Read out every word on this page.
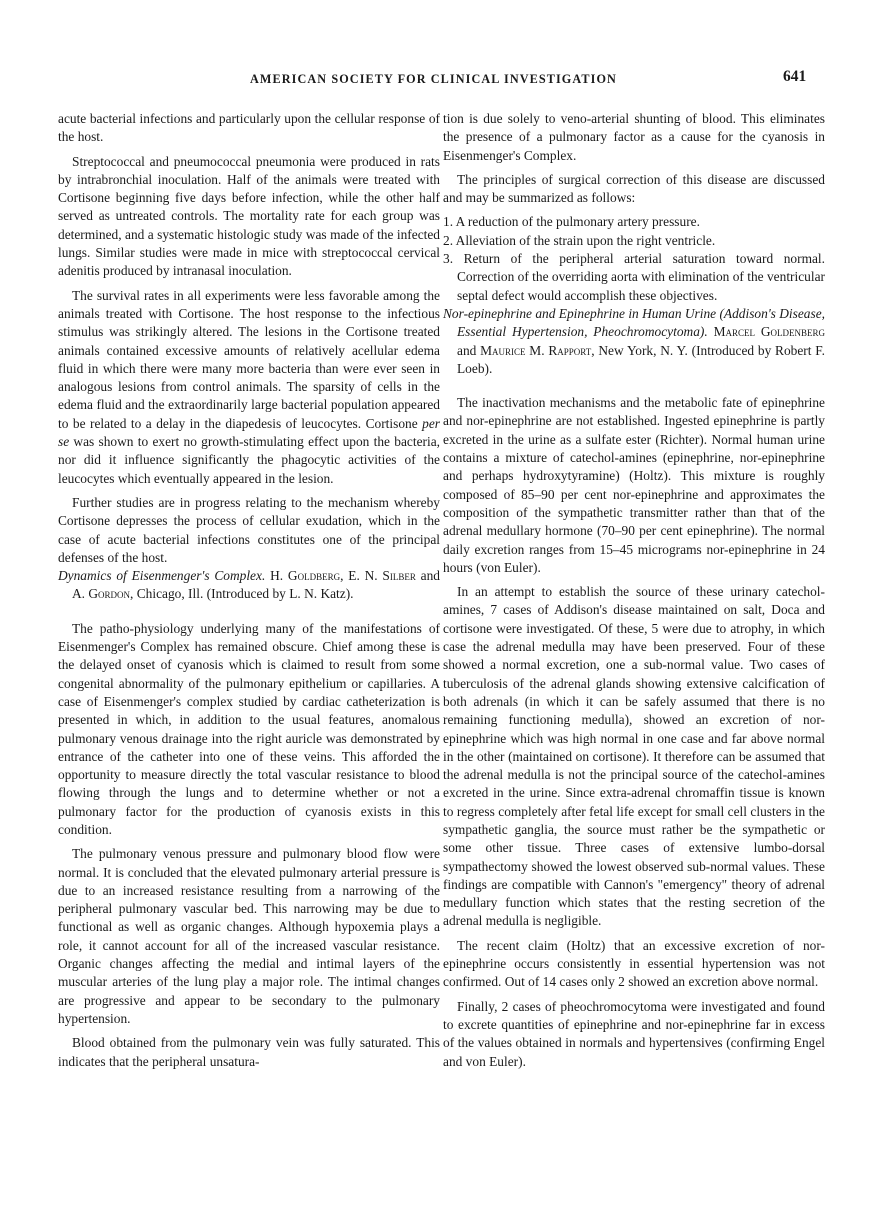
AMERICAN SOCIETY FOR CLINICAL INVESTIGATION	641

acute bacterial infections and particularly upon the cellular response of the host.

Streptococcal and pneumococcal pneumonia were produced in rats by intrabronchial inoculation. Half of the animals were treated with Cortisone beginning five days before infection, while the other half served as untreated controls. The mortality rate for each group was determined, and a systematic histologic study was made of the infected lungs. Similar studies were made in mice with streptococcal cervical adenitis produced by intranasal inoculation.

The survival rates in all experiments were less favorable among the animals treated with Cortisone. The host response to the infectious stimulus was strikingly altered. The lesions in the Cortisone treated animals contained excessive amounts of relatively acellular edema fluid in which there were many more bacteria than were ever seen in analogous lesions from control animals. The sparsity of cells in the edema fluid and the extraordinarily large bacterial population appeared to be related to a delay in the diapedesis of leucocytes. Cortisone per se was shown to exert no growth-stimulating effect upon the bacteria, nor did it influence significantly the phagocytic activities of the leucocytes which eventually appeared in the lesion.

Further studies are in progress relating to the mechanism whereby Cortisone depresses the process of cellular exudation, which in the case of acute bacterial infections constitutes one of the principal defenses of the host.

Dynamics of Eisenmenger's Complex. H. Goldberg, E. N. Silber and A. Gordon, Chicago, Ill. (Introduced by L. N. Katz).

The patho-physiology underlying many of the manifestations of Eisenmenger's Complex has remained obscure. Chief among these is the delayed onset of cyanosis which is claimed to result from some congenital abnormality of the pulmonary epithelium or capillaries. A case of Eisenmenger's complex studied by cardiac catheterization is presented in which, in addition to the usual features, anomalous pulmonary venous drainage into the right auricle was demonstrated by entrance of the catheter into one of these veins. This afforded the opportunity to measure directly the total vascular resistance to blood flowing through the lungs and to determine whether or not a pulmonary factor for the production of cyanosis exists in this condition.

The pulmonary venous pressure and pulmonary blood flow were normal. It is concluded that the elevated pulmonary arterial pressure is due to an increased resistance resulting from a narrowing of the peripheral pulmonary vascular bed. This narrowing may be due to functional as well as organic changes. Although hypoxemia plays a role, it cannot account for all of the increased vascular resistance. Organic changes affecting the medial and intimal layers of the muscular arteries of the lung play a major role. The intimal changes are progressive and appear to be secondary to the pulmonary hypertension.

Blood obtained from the pulmonary vein was fully saturated. This indicates that the peripheral unsatura-

tion is due solely to veno-arterial shunting of blood. This eliminates the presence of a pulmonary factor as a cause for the cyanosis in Eisenmenger's Complex.

The principles of surgical correction of this disease are discussed and may be summarized as follows:

1. A reduction of the pulmonary artery pressure.

2. Alleviation of the strain upon the right ventricle.

3. Return of the peripheral arterial saturation toward normal. Correction of the overriding aorta with elimination of the ventricular septal defect would accomplish these objectives.

Nor-epinephrine and Epinephrine in Human Urine (Addison's Disease, Essential Hypertension, Pheochromocytoma). Marcel Goldenberg and Maurice M. Rapport, New York, N. Y. (Introduced by Robert F. Loeb).

The inactivation mechanisms and the metabolic fate of epinephrine and nor-epinephrine are not established. Ingested epinephrine is partly excreted in the urine as a sulfate ester (Richter). Normal human urine contains a mixture of catechol-amines (epinephrine, nor-epinephrine and perhaps hydroxytyramine) (Holtz). This mixture is roughly composed of 85–90 per cent nor-epinephrine and approximates the composition of the sympathetic transmitter rather than that of the adrenal medullary hormone (70–90 per cent epinephrine). The normal daily excretion ranges from 15–45 micrograms nor-epinephrine in 24 hours (von Euler).

In an attempt to establish the source of these urinary catechol-amines, 7 cases of Addison's disease maintained on salt, Doca and cortisone were investigated. Of these, 5 were due to atrophy, in which case the adrenal medulla may have been preserved. Four of these showed a normal excretion, one a sub-normal value. Two cases of tuberculosis of the adrenal glands showing extensive calcification of both adrenals (in which it can be safely assumed that there is no remaining functioning medulla), showed an excretion of nor-epinephrine which was high normal in one case and far above normal in the other (maintained on cortisone). It therefore can be assumed that the adrenal medulla is not the principal source of the catechol-amines excreted in the urine. Since extra-adrenal chromaffin tissue is known to regress completely after fetal life except for small cell clusters in the sympathetic ganglia, the source must rather be the sympathetic or some other tissue. Three cases of extensive lumbo-dorsal sympathectomy showed the lowest observed sub-normal values. These findings are compatible with Cannon's "emergency" theory of adrenal medullary function which states that the resting secretion of the adrenal medulla is negligible.

The recent claim (Holtz) that an excessive excretion of nor-epinephrine occurs consistently in essential hypertension was not confirmed. Out of 14 cases only 2 showed an excretion above normal.

Finally, 2 cases of pheochromocytoma were investigated and found to excrete quantities of epinephrine and nor-epinephrine far in excess of the values obtained in normals and hypertensives (confirming Engel and von Euler).
